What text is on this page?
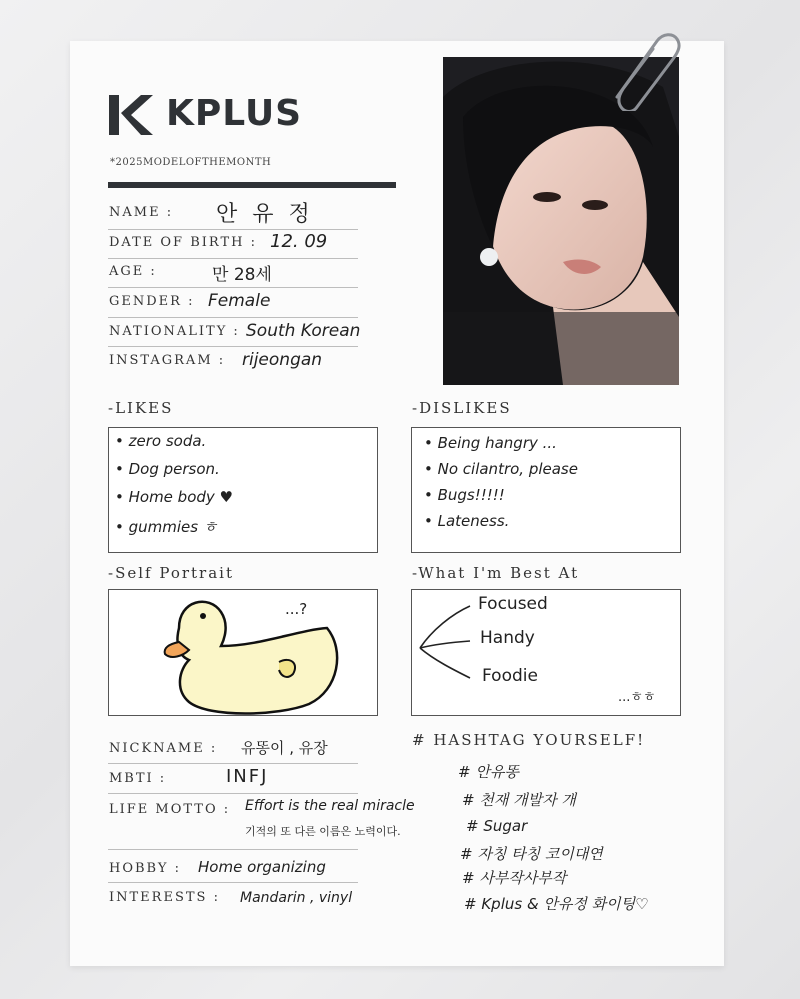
KPLUS
*2025MODELOFTHEMONTH
NAME : 안 유 정
DATE OF BIRTH : 12. 09
AGE :	만 28세
GENDER : Female
NATIONALITY : South Korean
INSTAGRAM : rijeongan
-LIKES
• zero soda.
• Dog person.
• Home body ♥
• gummies ㅎ
-DISLIKES
• Being hangry ...
• No cilantro, please
• Bugs!!!!!
• Lateness.
-Self Portrait
...?
-What I'm Best At
Focused
Handy
Foodie
...ㅎㅎ
NICKNAME : 유똥이 , 유장
MBTI :	INFJ
LIFE MOTTO : Effort is the real miracle
기적의 또 다른 이름은 노력이다.
HOBBY : Home organizing
INTERESTS : Mandarin , vinyl
# HASHTAG YOURSELF!
# 안유똥
# 천재 개발자 개
# Sugar
# 자칭 타칭 코이대연
# 사부작사부작
# Kplus & 안유정 화이팅♡
